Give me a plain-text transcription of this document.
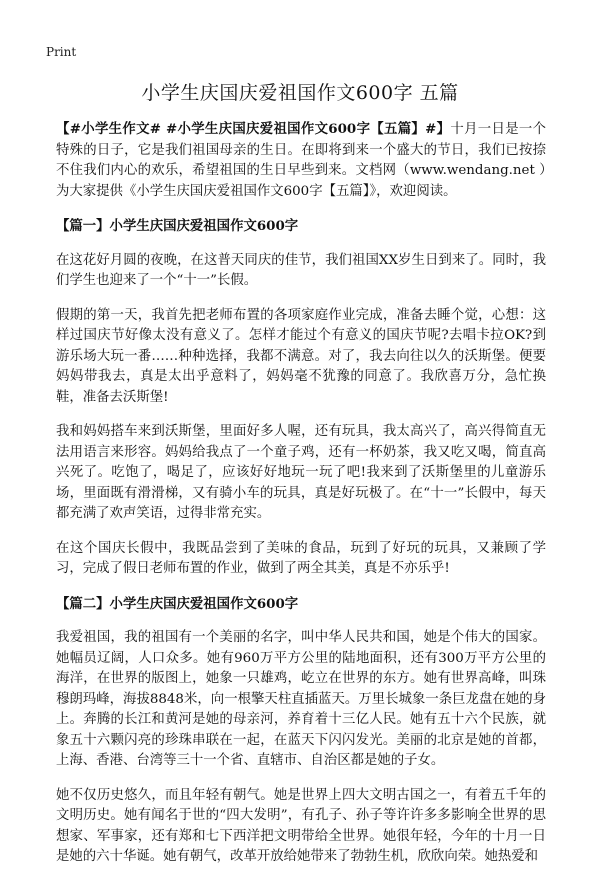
Print
小学生庆国庆爱祖国作文600字 五篇

【#小学生作文# #小学生庆国庆爱祖国作文600字【五篇】#】十月一日是一个特殊的日子，它是我们祖国母亲的生日。在即将到来一个盛大的节日，我们已按捺不住我们内心的欢乐，希望祖国的生日早些到来。文档网（www.wendang.net ）为大家提供《小学生庆国庆爱祖国作文600字【五篇】》，欢迎阅读。

【篇一】小学生庆国庆爱祖国作文600字

在这花好月圆的夜晚，在这普天同庆的佳节，我们祖国XX岁生日到来了。同时，我们学生也迎来了一个“十一”长假。

假期的第一天，我首先把老师布置的各项家庭作业完成，准备去睡个觉，心想：这样过国庆节好像太没有意义了。怎样才能过个有意义的国庆节呢?去唱卡拉OK?到游乐场大玩一番……种种选择，我都不满意。对了，我去向往以久的沃斯堡。便要妈妈带我去，真是太出乎意料了，妈妈毫不犹豫的同意了。我欣喜万分，急忙换鞋，准备去沃斯堡!

我和妈妈搭车来到沃斯堡，里面好多人喔，还有玩具，我太高兴了，高兴得简直无法用语言来形容。妈妈给我点了一个童子鸡，还有一杯奶茶，我又吃又喝，简直高兴死了。吃饱了，喝足了，应该好好地玩一玩了吧!我来到了沃斯堡里的儿童游乐场，里面既有滑滑梯，又有骑小车的玩具，真是好玩极了。在“十一”长假中，每天都充满了欢声笑语，过得非常充实。

在这个国庆长假中，我既品尝到了美味的食品，玩到了好玩的玩具，又兼顾了学习，完成了假日老师布置的作业，做到了两全其美，真是不亦乐乎!

【篇二】小学生庆国庆爱祖国作文600字

我爱祖国，我的祖国有一个美丽的名字，叫中华人民共和国，她是个伟大的国家。她幅员辽阔，人口众多。她有960万平方公里的陆地面积，还有300万平方公里的海洋，在世界的版图上，她象一只雄鸡，屹立在世界的东方。她有世界高峰，叫珠穆朗玛峰，海拔8848米，向一根擎天柱直插蓝天。万里长城象一条巨龙盘在她的身上。奔腾的长江和黄河是她的母亲河，养育着十三亿人民。她有五十六个民族，就象五十六颗闪亮的珍珠串联在一起，在蓝天下闪闪发光。美丽的北京是她的首都，上海、香港、台湾等三十一个省、直辖市、自治区都是她的子女。

她不仅历史悠久，而且年轻有朝气。她是世界上四大文明古国之一，有着五千年的文明历史。她有闻名于世的“四大发明”，有孔子、孙子等许许多多影响全世界的思想家、军事家，还有郑和七下西洋把文明带给全世界。她很年轻，今年的十月一日是她的六十华诞。她有朝气，改革开放给她带来了勃勃生机，欣欣向荣。她热爱和
